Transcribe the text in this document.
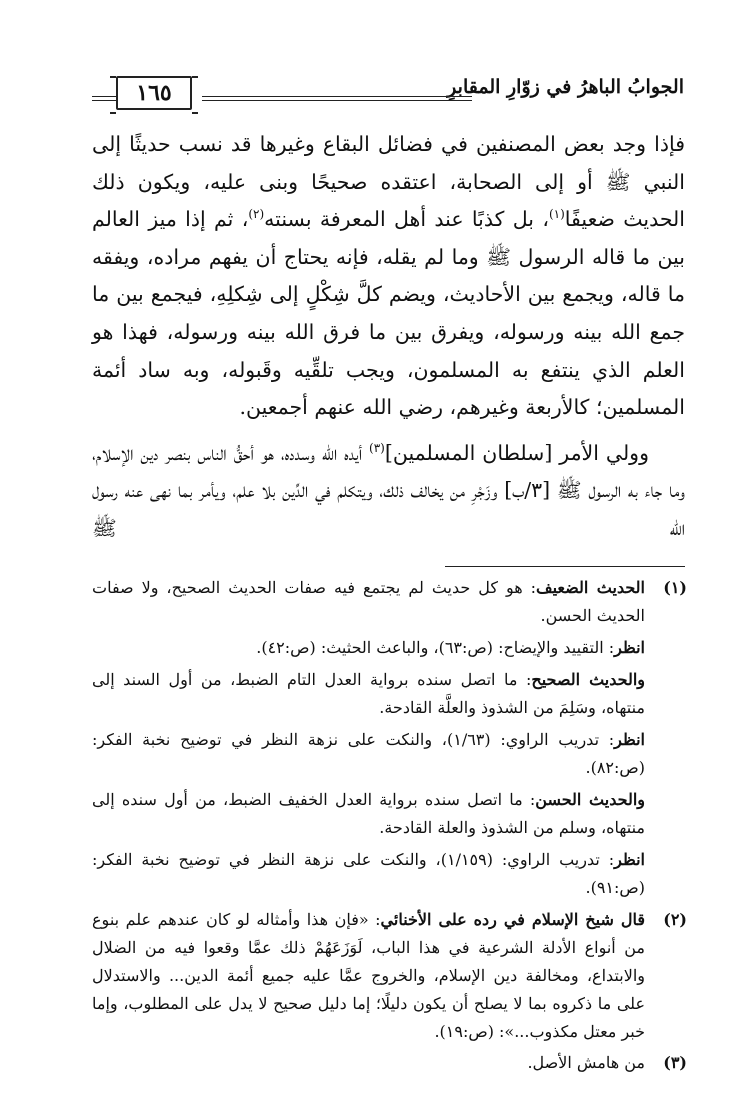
الجوابُ الباهرُ في زوّارِ المقابرِ
١٦٥

فإذا وجد بعض المصنفين في فضائل البقاع وغيرها قد نسب حديثًا إلى النبي ﷺ أو إلى الصحابة، اعتقده صحيحًا وبنى عليه، ويكون ذلك الحديث ضعيفًا$^{(١)}$، بل كذبًا عند أهل المعرفة بسنته$^{(٢)}$، ثم إذا ميز العالم بين ما قاله الرسول ﷺ وما لم يقله، فإنه يحتاج أن يفهم مراده، ويفقه ما قاله، ويجمع بين الأحاديث، ويضم كلَّ شِكْلٍ إلى شِكلِهِ، فيجمع بين ما جمع الله بينه ورسوله، ويفرق بين ما فرق الله بينه ورسوله، فهذا هو العلم الذي ينتفع به المسلمون، ويجب تلقِّيه وقَبوله، وبه ساد أئمة المسلمين؛ كالأربعة وغيرهم، رضي الله عنهم أجمعين.

وولي الأمر [سلطان المسلمين]$^{(٣)}$ أيده الله وسدده، هو أحقُّ الناس بنصر دين الإسلام، وما جاء به الرسول ﷺ [٣/ب] وزَجْرِ من يخالف ذلك، ويتكلم في الدِّين بلا علم، ويأمر بما نهى عنه رسول الله ﷺ

(١)

الحديث الضعيف: هو كل حديث لم يجتمع فيه صفات الحديث الصحيح، ولا صفات الحديث الحسن.

انظر: التقييد والإيضاح: (ص:٦٣)، والباعث الحثيث: (ص:٤٢).

والحديث الصحيح: ما اتصل سنده برواية العدل التام الضبط، من أول السند إلى منتهاه، وسَلِمَ من الشذوذ والعلَّة القادحة.

انظر: تدريب الراوي: (١/٦٣)، والنكت على نزهة النظر في توضيح نخبة الفكر: (ص:٨٢).

والحديث الحسن: ما اتصل سنده برواية العدل الخفيف الضبط، من أول سنده إلى منتهاه، وسلم من الشذوذ والعلة القادحة.

انظر: تدريب الراوي: (١/١٥٩)، والنكت على نزهة النظر في توضيح نخبة الفكر: (ص:٩١).

(٢)

قال شيخ الإسلام في رده على الأخنائي: «فإن هذا وأمثاله لو كان عندهم علم بنوع من أنواع الأدلة الشرعية في هذا الباب، لَوَزَعَهُمْ ذلك عمَّا وقعوا فيه من الضلال والابتداع، ومخالفة دين الإسلام، والخروج عمَّا عليه جميع أئمة الدين... والاستدلال على ما ذكروه بما لا يصلح أن يكون دليلًا؛ إما دليل صحيح لا يدل على المطلوب، وإما خبر معتل مكذوب...»: (ص:١٩).

(٣)

من هامش الأصل.
